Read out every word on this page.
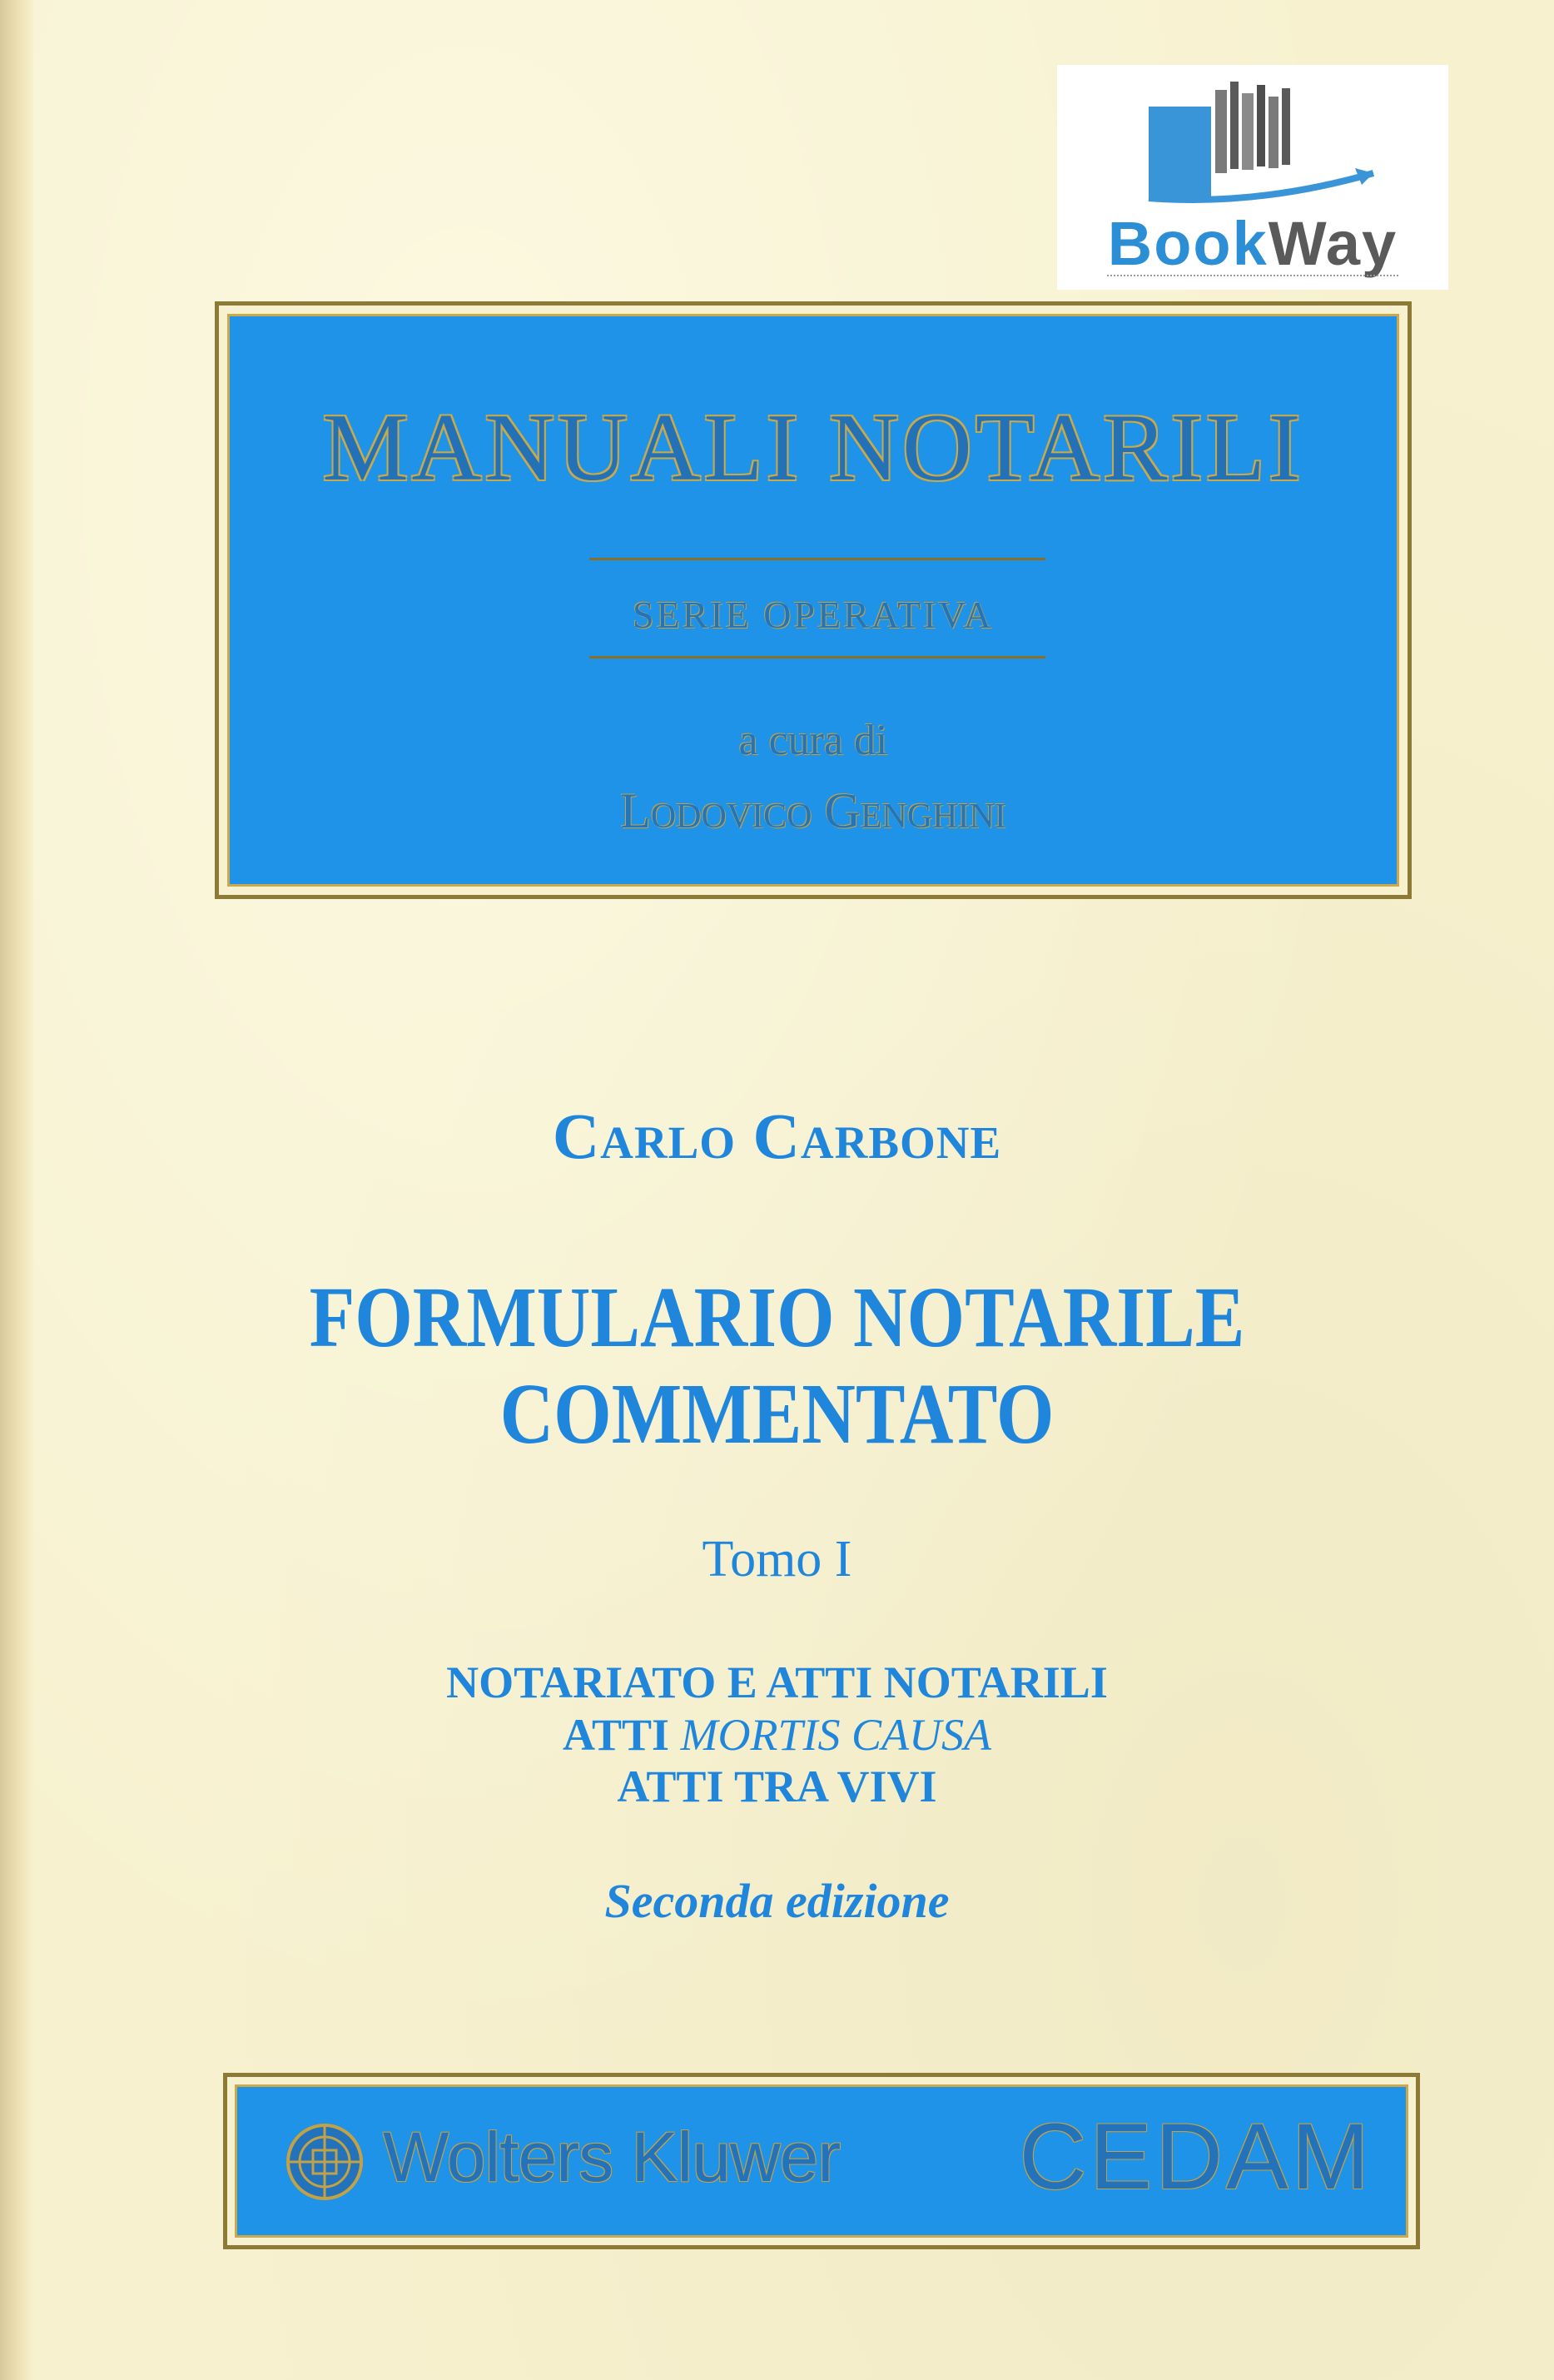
BookWay
MANUALI NOTARILI
SERIE OPERATIVA
a cura di
Lodovico Genghini
Carlo Carbone
FORMULARIO NOTARILE
COMMENTATO
Tomo I
NOTARIATO E ATTI NOTARILI
ATTI MORTIS CAUSA
ATTI TRA VIVI
Seconda edizione
Wolters Kluwer CEDAM
